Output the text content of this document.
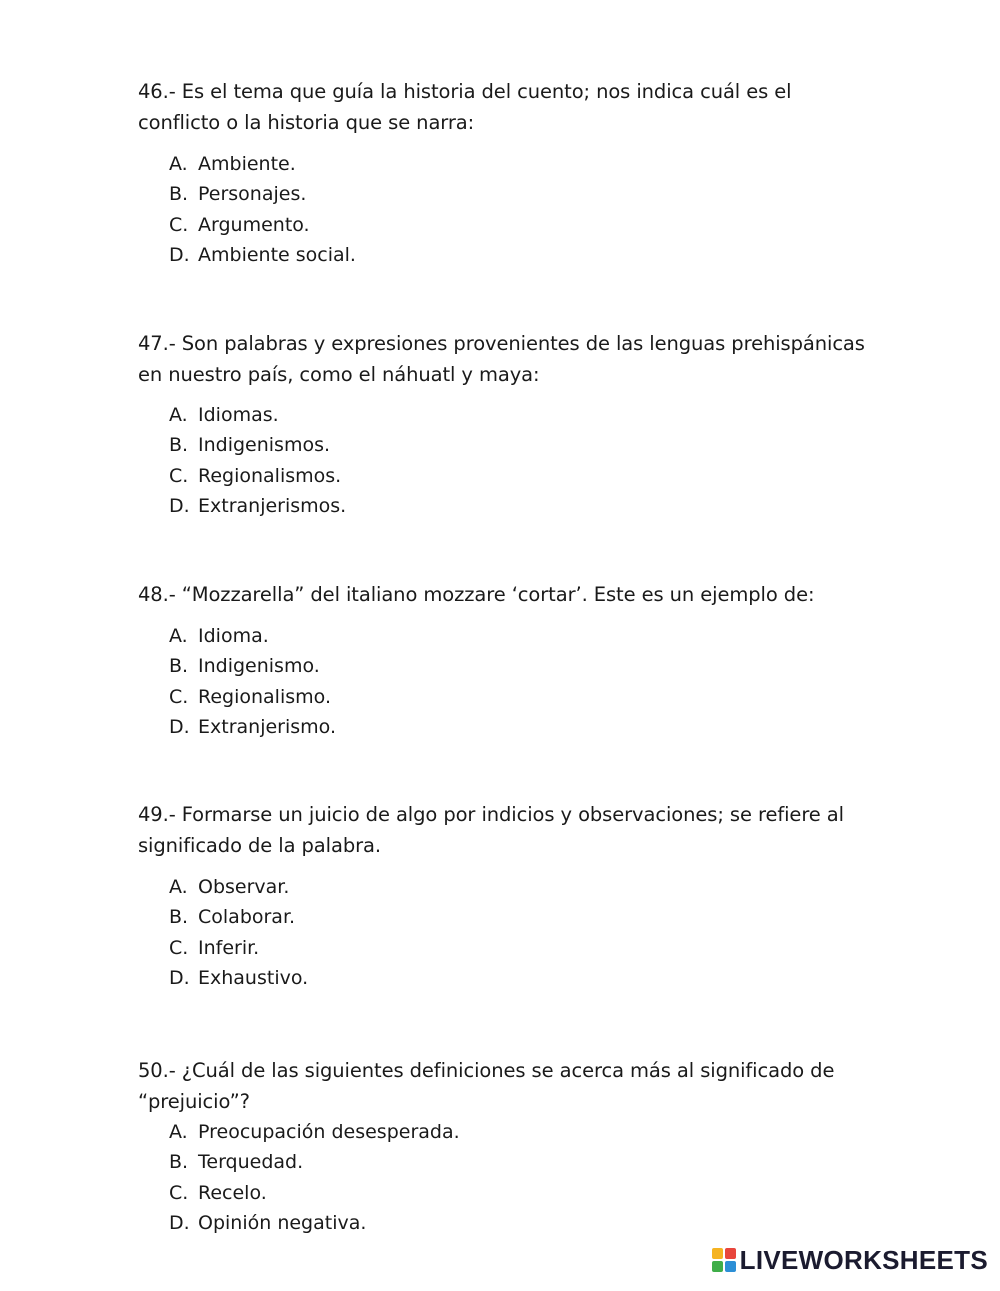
46.- Es el tema que guía la historia del cuento; nos indica cuál es el conflicto o la historia que se narra:

A. Ambiente.
B. Personajes.
C. Argumento.
D. Ambiente social.

47.- Son palabras y expresiones provenientes de las lenguas prehispánicas en nuestro país, como el náhuatl y maya:

A. Idiomas.
B. Indigenismos.
C. Regionalismos.
D. Extranjerismos.

48.- “Mozzarella” del italiano mozzare ‘cortar’. Este es un ejemplo de:

A. Idioma.
B. Indigenismo.
C. Regionalismo.
D. Extranjerismo.

49.- Formarse un juicio de algo por indicios y observaciones; se refiere al significado de la palabra.

A. Observar.
B. Colaborar.
C. Inferir.
D. Exhaustivo.

50.- ¿Cuál de las siguientes definiciones se acerca más al significado de “prejuicio”?

A. Preocupación desesperada.
B. Terquedad.
C. Recelo.
D. Opinión negativa.
LIVEWORKSHEETS
